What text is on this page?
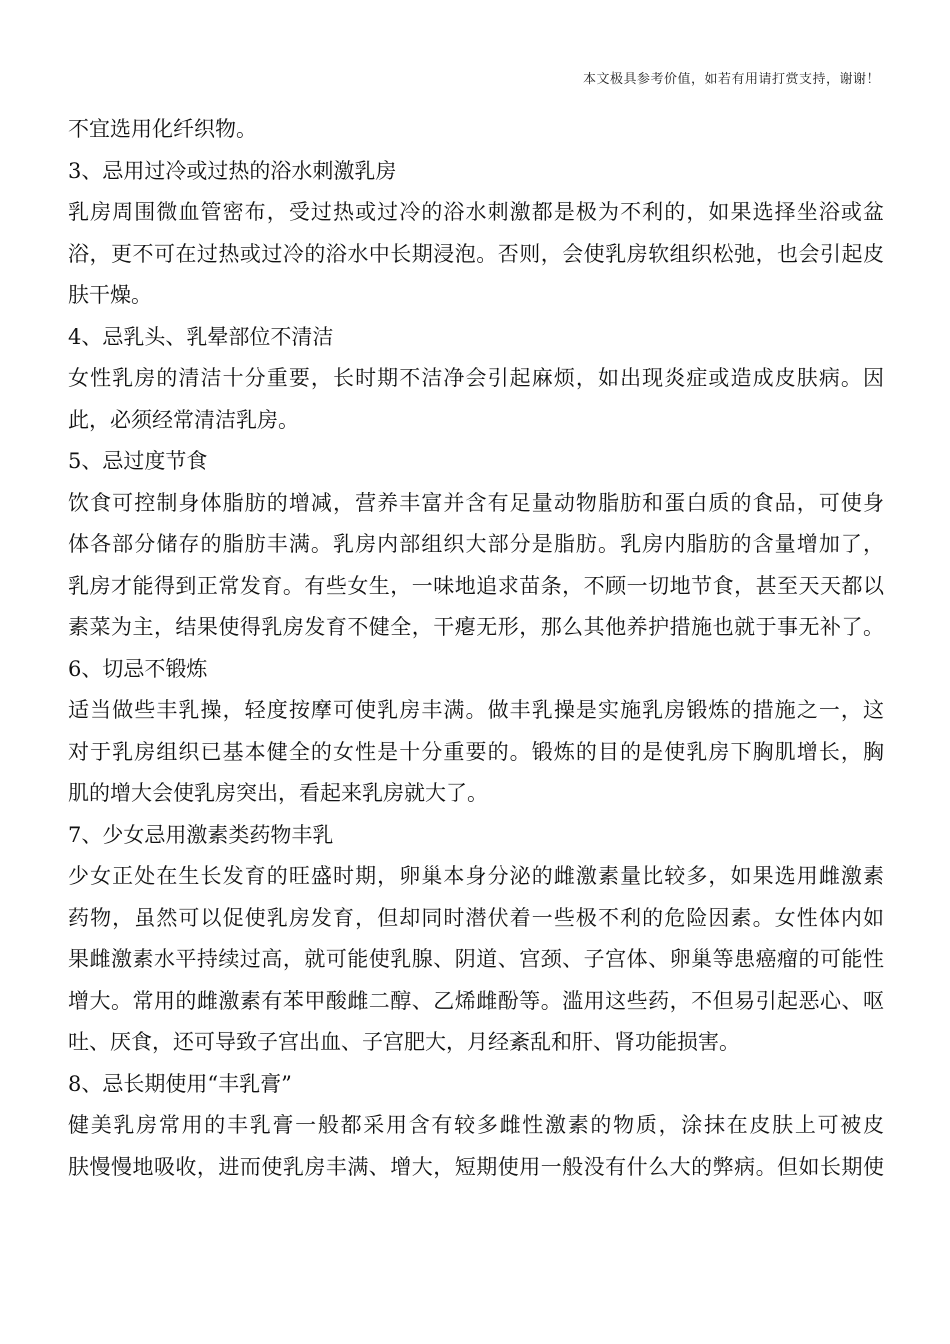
本文极具参考价值，如若有用请打赏支持，谢谢！
不宜选用化纤织物。
3、忌用过冷或过热的浴水刺激乳房
乳房周围微血管密布，受过热或过冷的浴水刺激都是极为不利的，如果选择坐浴或盆
浴，更不可在过热或过冷的浴水中长期浸泡。否则，会使乳房软组织松弛，也会引起皮
肤干燥。
4、忌乳头、乳晕部位不清洁
女性乳房的清洁十分重要，长时期不洁净会引起麻烦，如出现炎症或造成皮肤病。因
此，必须经常清洁乳房。
5、忌过度节食
饮食可控制身体脂肪的增减，营养丰富并含有足量动物脂肪和蛋白质的食品，可使身
体各部分储存的脂肪丰满。乳房内部组织大部分是脂肪。乳房内脂肪的含量增加了，
乳房才能得到正常发育。有些女生，一味地追求苗条，不顾一切地节食，甚至天天都以
素菜为主，结果使得乳房发育不健全，干瘪无形，那么其他养护措施也就于事无补了。
6、切忌不锻炼
适当做些丰乳操，轻度按摩可使乳房丰满。做丰乳操是实施乳房锻炼的措施之一，这
对于乳房组织已基本健全的女性是十分重要的。锻炼的目的是使乳房下胸肌增长，胸
肌的增大会使乳房突出，看起来乳房就大了。
7、少女忌用激素类药物丰乳
少女正处在生长发育的旺盛时期，卵巢本身分泌的雌激素量比较多，如果选用雌激素
药物，虽然可以促使乳房发育，但却同时潜伏着一些极不利的危险因素。女性体内如
果雌激素水平持续过高，就可能使乳腺、阴道、宫颈、子宫体、卵巢等患癌瘤的可能性
增大。常用的雌激素有苯甲酸雌二醇、乙烯雌酚等。滥用这些药，不但易引起恶心、呕
吐、厌食，还可导致子宫出血、子宫肥大，月经紊乱和肝、肾功能损害。
8、忌长期使用“丰乳膏”
健美乳房常用的丰乳膏一般都采用含有较多雌性激素的物质，涂抹在皮肤上可被皮
肤慢慢地吸收，进而使乳房丰满、增大，短期使用一般没有什么大的弊病。但如长期使
